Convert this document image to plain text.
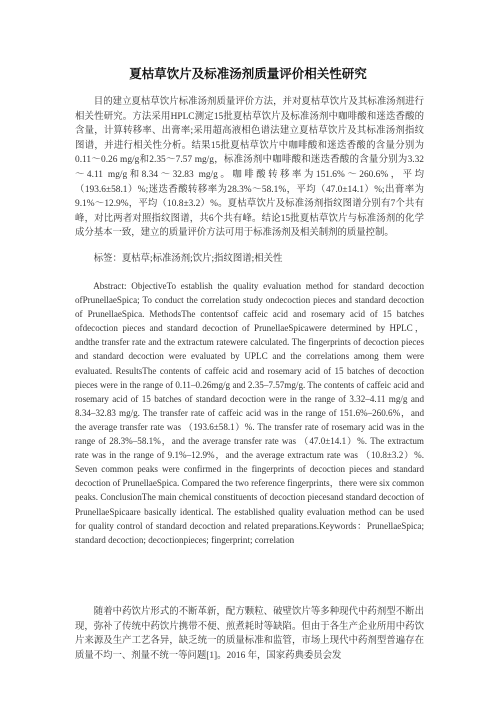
夏枯草饮片及标准汤剂质量评价相关性研究

目的建立夏枯草饮片标准汤剂质量评价方法，并对夏枯草饮片及其标准汤剂进行相关性研究。方法采用HPLC测定15批夏枯草饮片及标准汤剂中咖啡酸和迷迭香酸的含量，计算转移率、出膏率;采用超高液相色谱法建立夏枯草饮片及其标准汤剂指纹图谱，并进行相关性分析。结果15批夏枯草饮片中咖啡酸和迷迭香酸的含量分别为0.11～0.26 mg/g和2.35～7.57 mg/g，标准汤剂中咖啡酸和迷迭香酸的含量分别为3.32～4.11 mg/g和8.34～32.83 mg/g。咖啡酸转移率为151.6%～260.6%，平均（193.6±58.1）%;迷迭香酸转移率为28.3%～58.1%，平均（47.0±14.1）%;出膏率为9.1%～12.9%，平均（10.8±3.2）%。夏枯草饮片及标准汤剂指纹图谱分别有7个共有峰，对比两者对照指纹图谱，共6个共有峰。结论15批夏枯草饮片与标准汤剂的化学成分基本一致，建立的质量评价方法可用于标准汤剂及相关制剂的质量控制。

标签：夏枯草;标准汤剂;饮片;指纹图谱;相关性

Abstract: ObjectiveTo establish the quality evaluation method for standard decoction ofPrunellaeSpica; To conduct the correlation study ondecoction pieces and standard decoction of PrunellaeSpica. MethodsThe contentsof caffeic acid and rosemary acid of 15 batches ofdecoction pieces and standard decoction of PrunellaeSpicawere determined by HPLC，andthe transfer rate and the extractum ratewere calculated. The fingerprints of decoction pieces and standard decoction were evaluated by UPLC and the correlations among them were evaluated. ResultsThe contents of caffeic acid and rosemary acid of 15 batches of decoction pieces were in the range of 0.11–0.26mg/g and 2.35–7.57mg/g. The contents of caffeic acid and rosemary acid of 15 batches of standard decoction were in the range of 3.32–4.11 mg/g and 8.34–32.83 mg/g. The transfer rate of caffeic acid was in the range of 151.6%–260.6%，and the average transfer rate was （193.6±58.1）%. The transfer rate of rosemary acid was in the range of 28.3%–58.1%，and the average transfer rate was （47.0±14.1）%. The extractum rate was in the range of 9.1%–12.9%，and the average extractum rate was （10.8±3.2）%. Seven common peaks were confirmed in the fingerprints of decoction pieces and standard decoction of PrunellaeSpica. Compared the two reference fingerprints，there were six common peaks. ConclusionThe main chemical constituents of decoction piecesand standard decoction of PrunellaeSpicaare basically identical. The established quality evaluation method can be used for quality control of standard decoction and related preparations.Keywords：PrunellaeSpica; standard decoction; decoctionpieces; fingerprint; correlation

随着中药饮片形式的不断革新，配方颗粒、破壁饮片等多种现代中药剂型不断出现，弥补了传统中药饮片携带不便、煎煮耗时等缺陷。但由于各生产企业所用中药饮片来源及生产工艺各异，缺乏统一的质量标准和监管，市场上现代中药剂型普遍存在质量不均一、剂量不统一等问题[1]。2016 年，国家药典委员会发
